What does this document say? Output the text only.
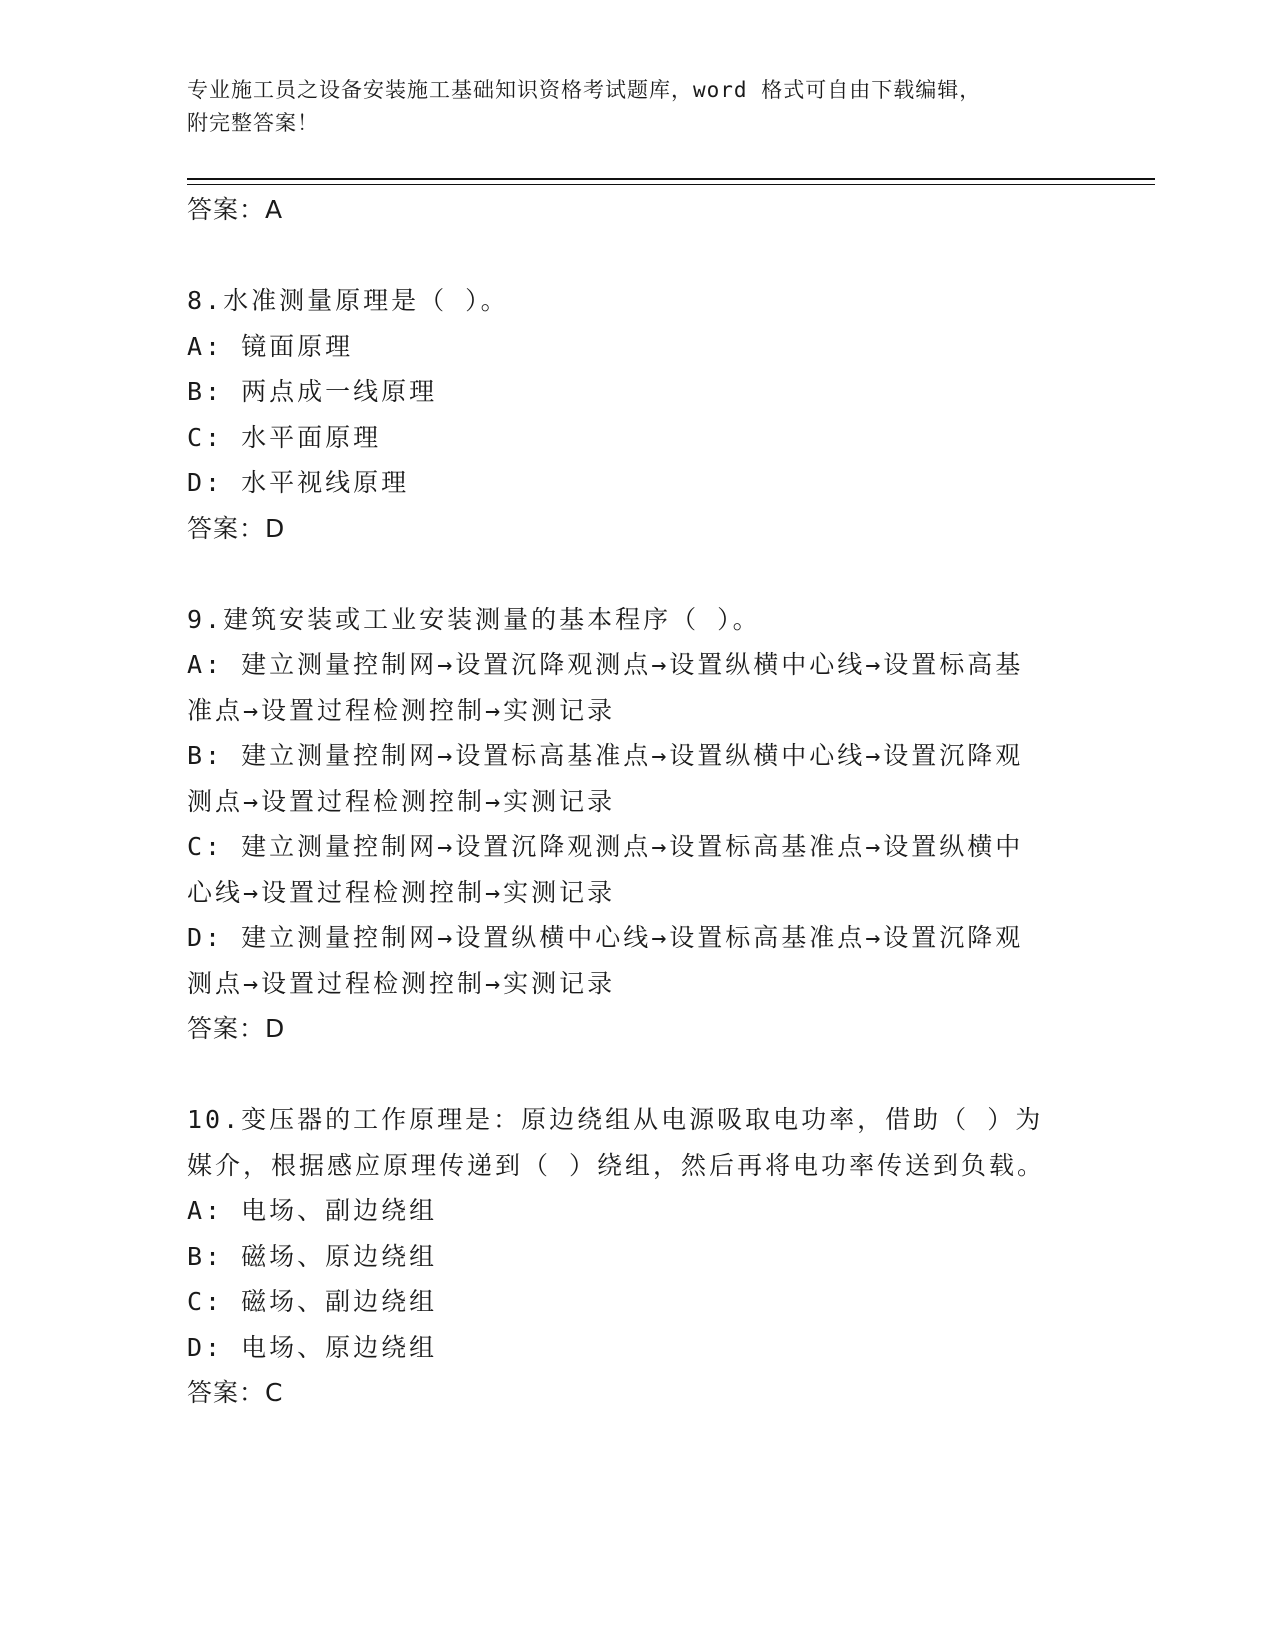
专业施工员之设备安装施工基础知识资格考试题库，word 格式可自由下载编辑，
附完整答案！
答案：A
8.水准测量原理是（ ）。
A: 镜面原理
B: 两点成一线原理
C: 水平面原理
D: 水平视线原理
答案：D
9.建筑安装或工业安装测量的基本程序（ ）。
A: 建立测量控制网→设置沉降观测点→设置纵横中心线→设置标高基
准点→设置过程检测控制→实测记录
B: 建立测量控制网→设置标高基准点→设置纵横中心线→设置沉降观
测点→设置过程检测控制→实测记录
C: 建立测量控制网→设置沉降观测点→设置标高基准点→设置纵横中
心线→设置过程检测控制→实测记录
D: 建立测量控制网→设置纵横中心线→设置标高基准点→设置沉降观
测点→设置过程检测控制→实测记录
答案：D
10.变压器的工作原理是：原边绕组从电源吸取电功率，借助（ ）为
媒介，根据感应原理传递到（ ）绕组，然后再将电功率传送到负载。
A: 电场、副边绕组
B: 磁场、原边绕组
C: 磁场、副边绕组
D: 电场、原边绕组
答案：C
